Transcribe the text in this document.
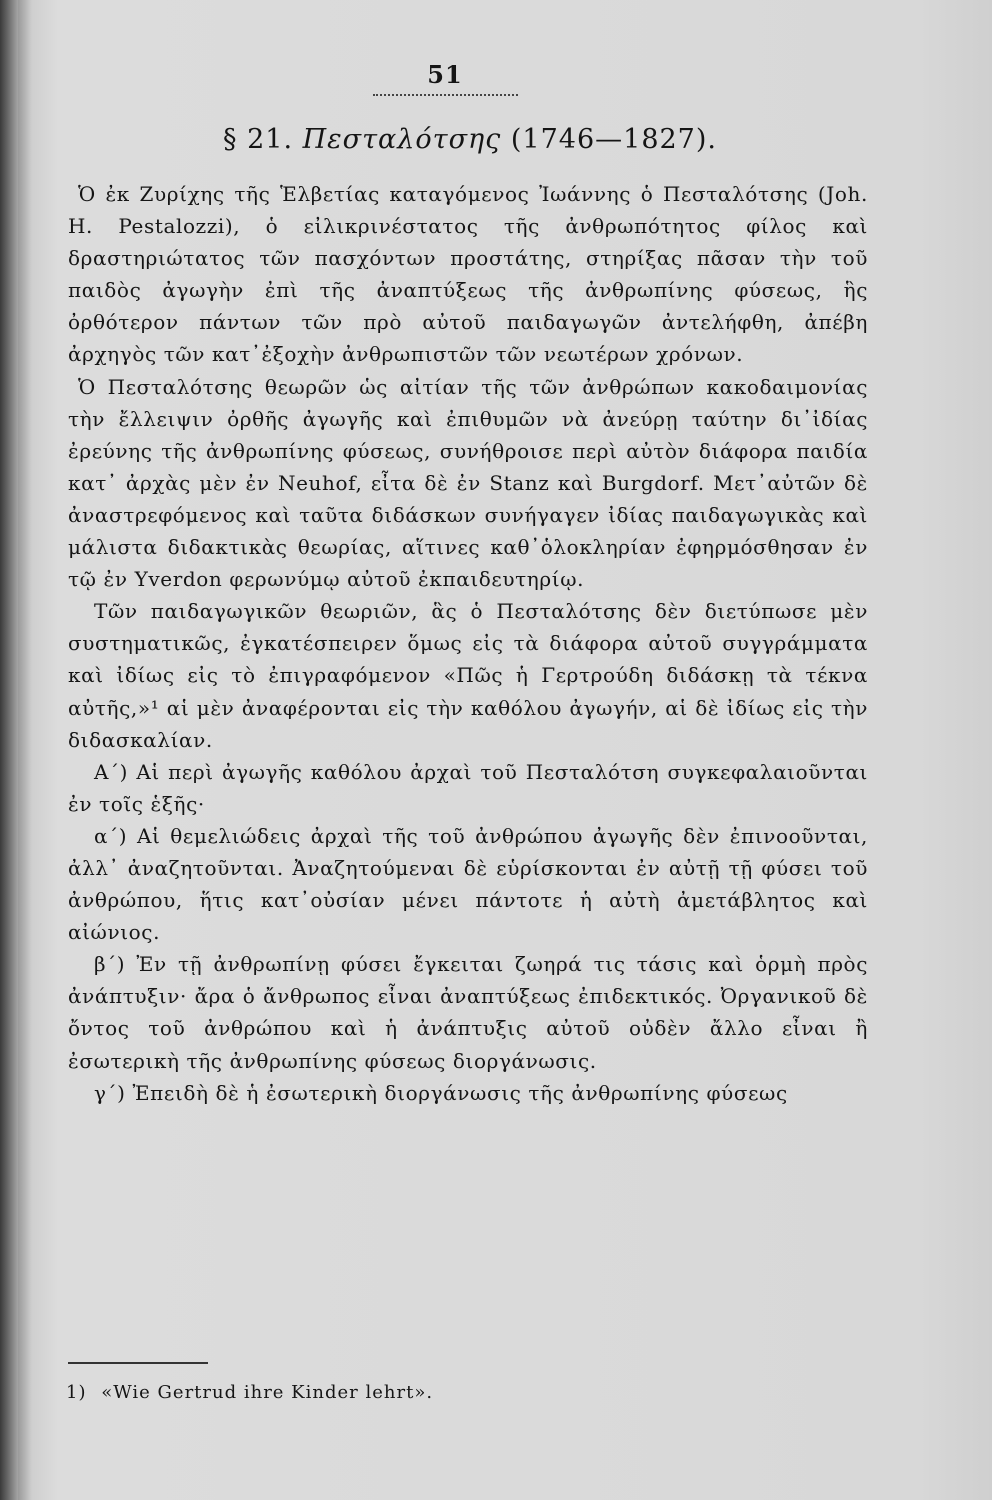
51
§ 21. Πεσταλότσης (1746—1827).

Ὁ ἐκ Ζυρίχης τῆς Ἑλβετίας καταγόμενος Ἰωάννης ὁ Πεσταλότσης (Joh. H. Pestalozzi), ὁ εἰλικρινέστατος τῆς ἀνθρωπότητος φίλος καὶ δραστηριώτατος τῶν πασχόντων προστάτης, στηρίξας πᾶσαν τὴν τοῦ παιδὸς ἀγωγὴν ἐπὶ τῆς ἀναπτύξεως τῆς ἀνθρωπίνης φύσεως, ἣς ὀρθότερον πάντων τῶν πρὸ αὐτοῦ παιδαγωγῶν ἀντελήφθη, ἀπέβη ἀρχηγὸς τῶν κατ᾿ἐξοχὴν ἀνθρωπιστῶν τῶν νεωτέρων χρόνων.

Ὁ Πεσταλότσης θεωρῶν ὡς αἰτίαν τῆς τῶν ἀνθρώπων κακοδαιμονίας τὴν ἔλλειψιν ὀρθῆς ἀγωγῆς καὶ ἐπιθυμῶν νὰ ἀνεύρῃ ταύτην δι᾿ἰδίας ἐρεύνης τῆς ἀνθρωπίνης φύσεως, συνήθροισε περὶ αὐτὸν διάφορα παιδία κατ᾿ ἀρχὰς μὲν ἐν Neuhof, εἶτα δὲ ἐν Stanz καὶ Burgdorf. Μετ᾿αὐτῶν δὲ ἀναστρεφόμενος καὶ ταῦτα διδάσκων συνήγαγεν ἰδίας παιδαγωγικὰς καὶ μάλιστα διδακτικὰς θεωρίας, αἵτινες καθ᾿ὁλοκληρίαν ἐφηρμόσθησαν ἐν τῷ ἐν Yverdon φερωνύμῳ αὐτοῦ ἐκπαιδευτηρίῳ.

Τῶν παιδαγωγικῶν θεωριῶν, ἃς ὁ Πεσταλότσης δὲν διετύπωσε μὲν συστηματικῶς, ἐγκατέσπειρεν ὅμως εἰς τὰ διάφορα αὐτοῦ συγγράμματα καὶ ἰδίως εἰς τὸ ἐπιγραφόμενον «Πῶς ἡ Γερτρούδη διδάσκῃ τὰ τέκνα αὐτῆς,»¹ αἱ μὲν ἀναφέρονται εἰς τὴν καθόλου ἀγωγήν, αἱ δὲ ἰδίως εἰς τὴν διδασκαλίαν.

Α´) Αἱ περὶ ἀγωγῆς καθόλου ἀρχαὶ τοῦ Πεσταλότση συγκεφαλαιοῦνται ἐν τοῖς ἑξῆς·

α´) Αἱ θεμελιώδεις ἀρχαὶ τῆς τοῦ ἀνθρώπου ἀγωγῆς δὲν ἐπινοοῦνται, ἀλλ᾿ ἀναζητοῦνται. Ἀναζητούμεναι δὲ εὑρίσκονται ἐν αὐτῇ τῇ φύσει τοῦ ἀνθρώπου, ἥτις κατ᾿οὐσίαν μένει πάντοτε ἡ αὐτὴ ἀμετάβλητος καὶ αἰώνιος.

β´) Ἐν τῇ ἀνθρωπίνῃ φύσει ἔγκειται ζωηρά τις τάσις καὶ ὁρμὴ πρὸς ἀνάπτυξιν· ἄρα ὁ ἄνθρωπος εἶναι ἀναπτύξεως ἐπιδεκτικός. Ὀργανικοῦ δὲ ὄντος τοῦ ἀνθρώπου καὶ ἡ ἀνάπτυξις αὐτοῦ οὐδὲν ἄλλο εἶναι ἢ ἐσωτερικὴ τῆς ἀνθρωπίνης φύσεως διοργάνωσις.

γ´) Ἐπειδὴ δὲ ἡ ἐσωτερικὴ διοργάνωσις τῆς ἀνθρωπίνης φύσεως

1) «Wie Gertrud ihre Kinder lehrt».
